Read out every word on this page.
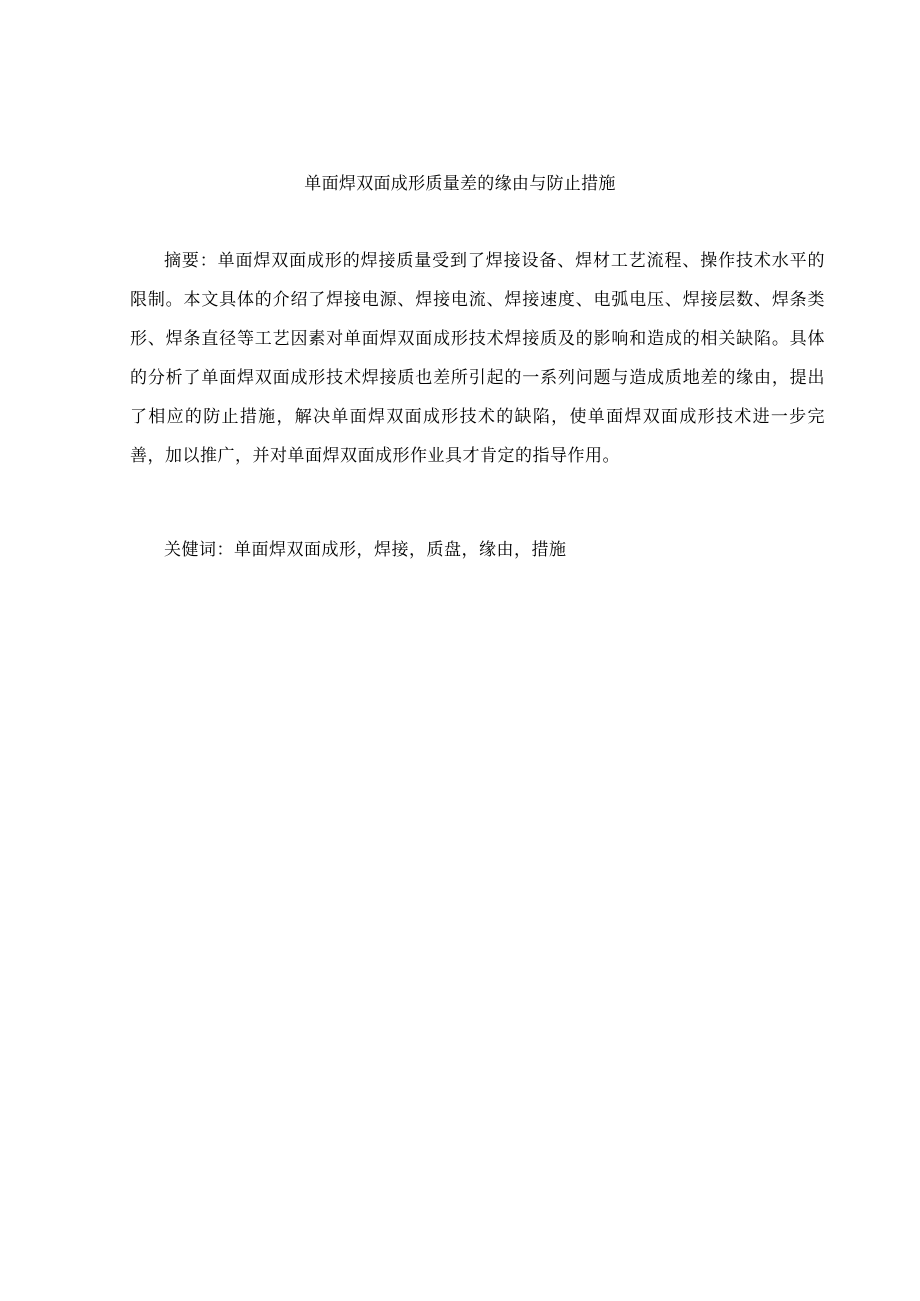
单面焊双面成形质量差的缘由与防止措施

摘要：单面焊双面成形的焊接质量受到了焊接设备、焊材工艺流程、操作技术水平的限制。本文具体的介绍了焊接电源、焊接电流、焊接速度、电弧电压、焊接层数、焊条类形、焊条直径等工艺因素对单面焊双面成形技术焊接质及的影响和造成的相关缺陷。具体的分析了单面焊双面成形技术焊接质也差所引起的一系列问题与造成质地差的缘由，提出了相应的防止措施，解决单面焊双面成形技术的缺陷，使单面焊双面成形技术进一步完善，加以推广，并对单面焊双面成形作业具才肯定的指导作用。

关健词：单面焊双面成形，焊接，质盘，缘由，措施
